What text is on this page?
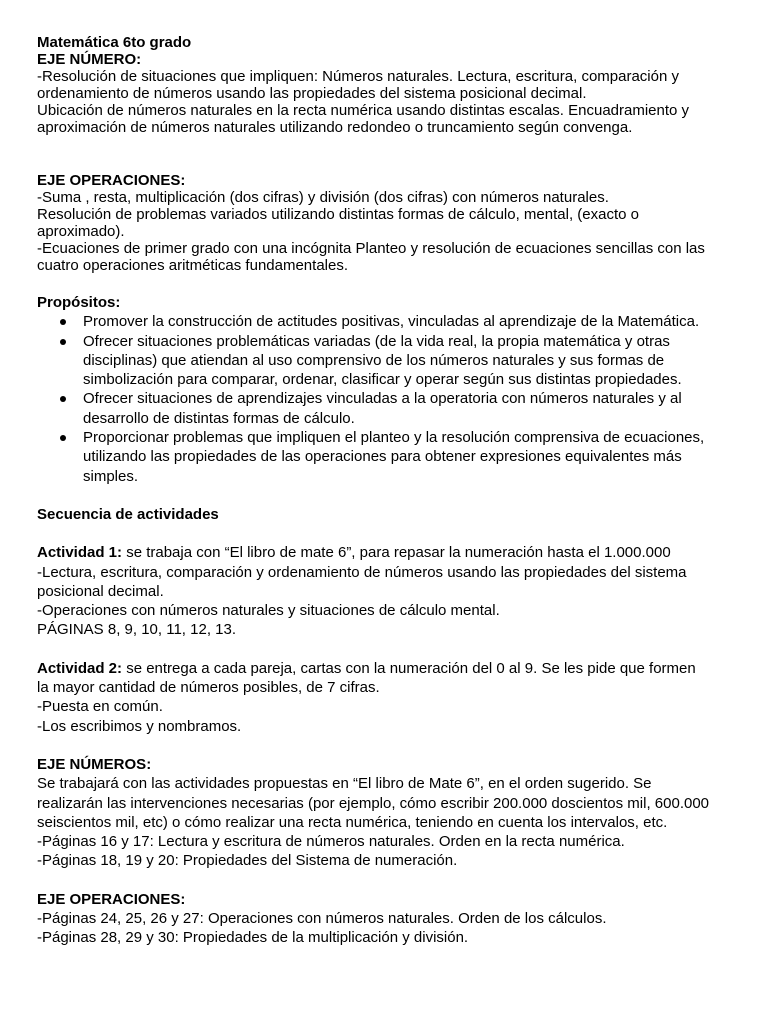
Matemática 6to grado

EJE NÚMERO:

-Resolución de situaciones que impliquen: Números naturales. Lectura, escritura, comparación y

ordenamiento de números usando las propiedades del sistema posicional decimal.

Ubicación de números naturales en la recta numérica usando distintas escalas. Encuadramiento y

aproximación de números naturales utilizando redondeo o truncamiento según convenga.

EJE OPERACIONES:

-Suma , resta, multiplicación (dos cifras) y división (dos cifras) con números naturales.

Resolución de problemas variados utilizando distintas formas de cálculo, mental, (exacto o

aproximado).

-Ecuaciones de primer grado con una incógnita Planteo y resolución de ecuaciones sencillas con las

cuatro operaciones aritméticas fundamentales.

Propósitos:

Promover la construcción de actitudes positivas, vinculadas al aprendizaje de la Matemática.
Ofrecer situaciones problemáticas variadas (de la vida real, la propia matemática y otras
disciplinas) que atiendan al uso comprensivo de los números naturales y sus formas de
simbolización para comparar, ordenar, clasificar y operar según sus distintas propiedades.
Ofrecer situaciones de aprendizajes vinculadas a la operatoria con números naturales y al
desarrollo de distintas formas de cálculo.
Proporcionar problemas que impliquen el planteo y la resolución comprensiva de ecuaciones,
utilizando las propiedades de las operaciones para obtener expresiones equivalentes más
simples.

Secuencia de actividades

Actividad 1: se trabaja con “El libro de mate 6”, para repasar la numeración hasta el 1.000.000

-Lectura, escritura, comparación y ordenamiento de números usando las propiedades del sistema

posicional decimal.

-Operaciones con números naturales y situaciones de cálculo mental.

PÁGINAS 8, 9, 10, 11, 12, 13.

Actividad 2: se entrega a cada pareja, cartas con la numeración del 0 al 9. Se les pide que formen

la mayor cantidad de números posibles, de 7 cifras.

-Puesta en común.

-Los escribimos y nombramos.

EJE NÚMEROS:

Se trabajará con las actividades propuestas en “El libro de Mate 6”, en el orden sugerido. Se

realizarán las intervenciones necesarias (por ejemplo, cómo escribir 200.000 doscientos mil, 600.000

seiscientos mil, etc) o cómo realizar una recta numérica, teniendo en cuenta los intervalos, etc.

-Páginas 16 y 17: Lectura y escritura de números naturales. Orden en la recta numérica.

-Páginas 18, 19 y 20: Propiedades del Sistema de numeración.

EJE OPERACIONES:

-Páginas 24, 25, 26 y 27: Operaciones con números naturales. Orden de los cálculos.

-Páginas 28, 29 y 30: Propiedades de la multiplicación y división.
